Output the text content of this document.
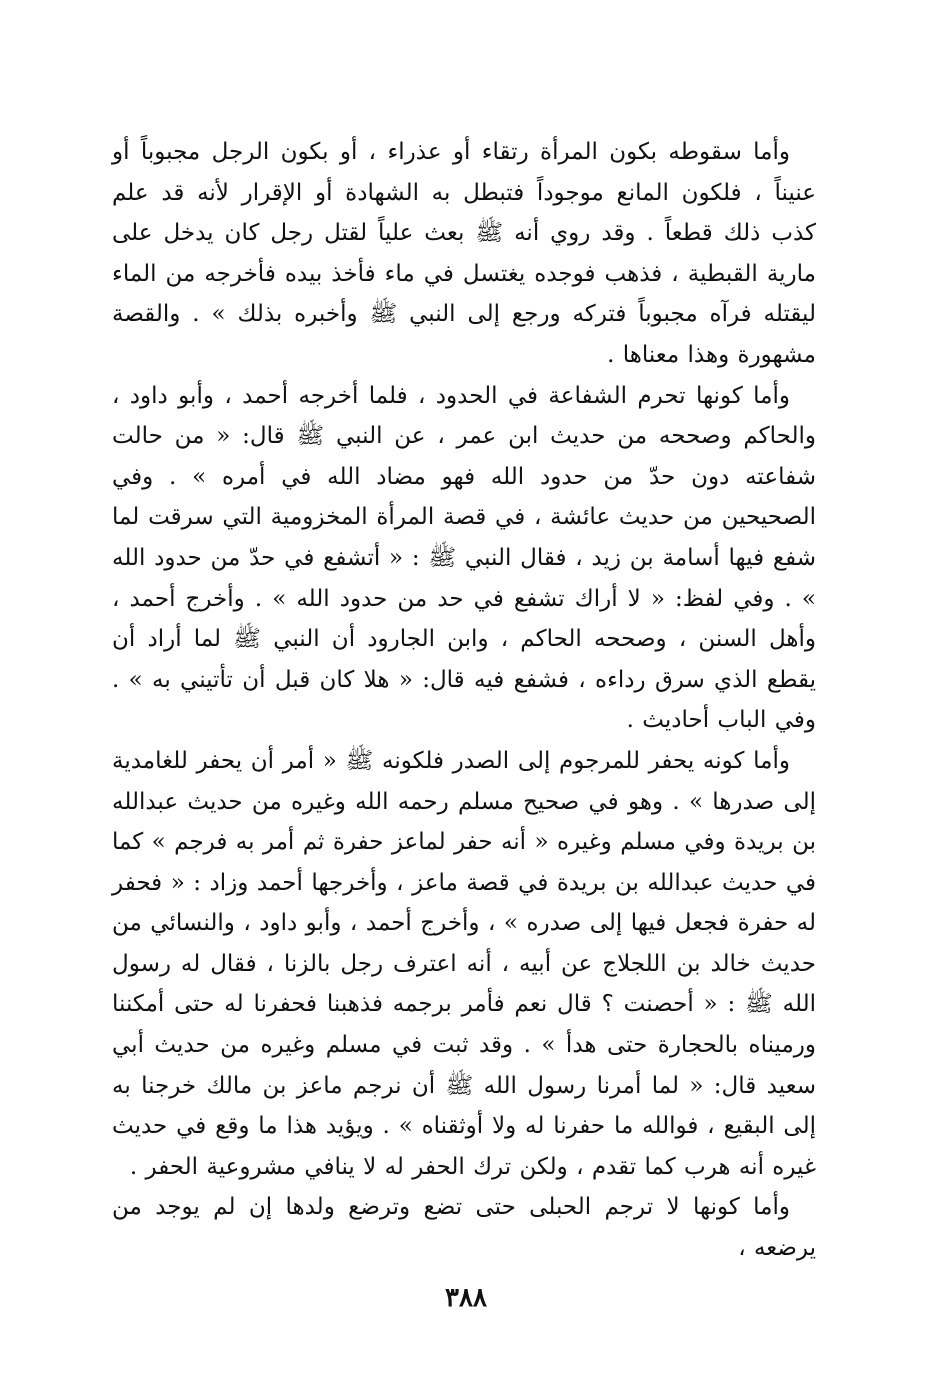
وأما سقوطه بكون المرأة رتقاء أو عذراء ، أو بكون الرجل مجبوباً أو عنيناً ، فلكون المانع موجوداً فتبطل به الشهادة أو الإقرار لأنه قد علم كذب ذلك قطعاً . وقد روي أنه ﷺ بعث علياً لقتل رجل كان يدخل على مارية القبطية ، فذهب فوجده يغتسل في ماء فأخذ بيده فأخرجه من الماء ليقتله فرآه مجبوباً فتركه ورجع إلى النبي ﷺ وأخبره بذلك » . والقصة مشهورة وهذا معناها .

وأما كونها تحرم الشفاعة في الحدود ، فلما أخرجه أحمد ، وأبو داود ، والحاكم وصححه من حديث ابن عمر ، عن النبي ﷺ قال: « من حالت شفاعته دون حدّ من حدود الله فهو مضاد الله في أمره » . وفي الصحيحين من حديث عائشة ، في قصة المرأة المخزومية التي سرقت لما شفع فيها أسامة بن زيد ، فقال النبي ﷺ : « أتشفع في حدّ من حدود الله » . وفي لفظ: « لا أراك تشفع في حد من حدود الله » . وأخرج أحمد ، وأهل السنن ، وصححه الحاكم ، وابن الجارود أن النبي ﷺ لما أراد أن يقطع الذي سرق رداءه ، فشفع فيه قال: « هلا كان قبل أن تأتيني به » . وفي الباب أحاديث .

وأما كونه يحفر للمرجوم إلى الصدر فلكونه ﷺ « أمر أن يحفر للغامدية إلى صدرها » . وهو في صحيح مسلم رحمه الله وغيره من حديث عبدالله بن بريدة وفي مسلم وغيره « أنه حفر لماعز حفرة ثم أمر به فرجم » كما في حديث عبدالله بن بريدة في قصة ماعز ، وأخرجها أحمد وزاد : « فحفر له حفرة فجعل فيها إلى صدره » ، وأخرج أحمد ، وأبو داود ، والنسائي من حديث خالد بن اللجلاج عن أبيه ، أنه اعترف رجل بالزنا ، فقال له رسول الله ﷺ : « أحصنت ؟ قال نعم فأمر برجمه فذهبنا فحفرنا له حتى أمكننا ورميناه بالحجارة حتى هدأ » . وقد ثبت في مسلم وغيره من حديث أبي سعيد قال: « لما أمرنا رسول الله ﷺ أن نرجم ماعز بن مالك خرجنا به إلى البقيع ، فوالله ما حفرنا له ولا أوثقناه » . ويؤيد هذا ما وقع في حديث غيره أنه هرب كما تقدم ، ولكن ترك الحفر له لا ينافي مشروعية الحفر .

وأما كونها لا ترجم الحبلى حتى تضع وترضع ولدها إن لم يوجد من يرضعه ،

٣٨٨
